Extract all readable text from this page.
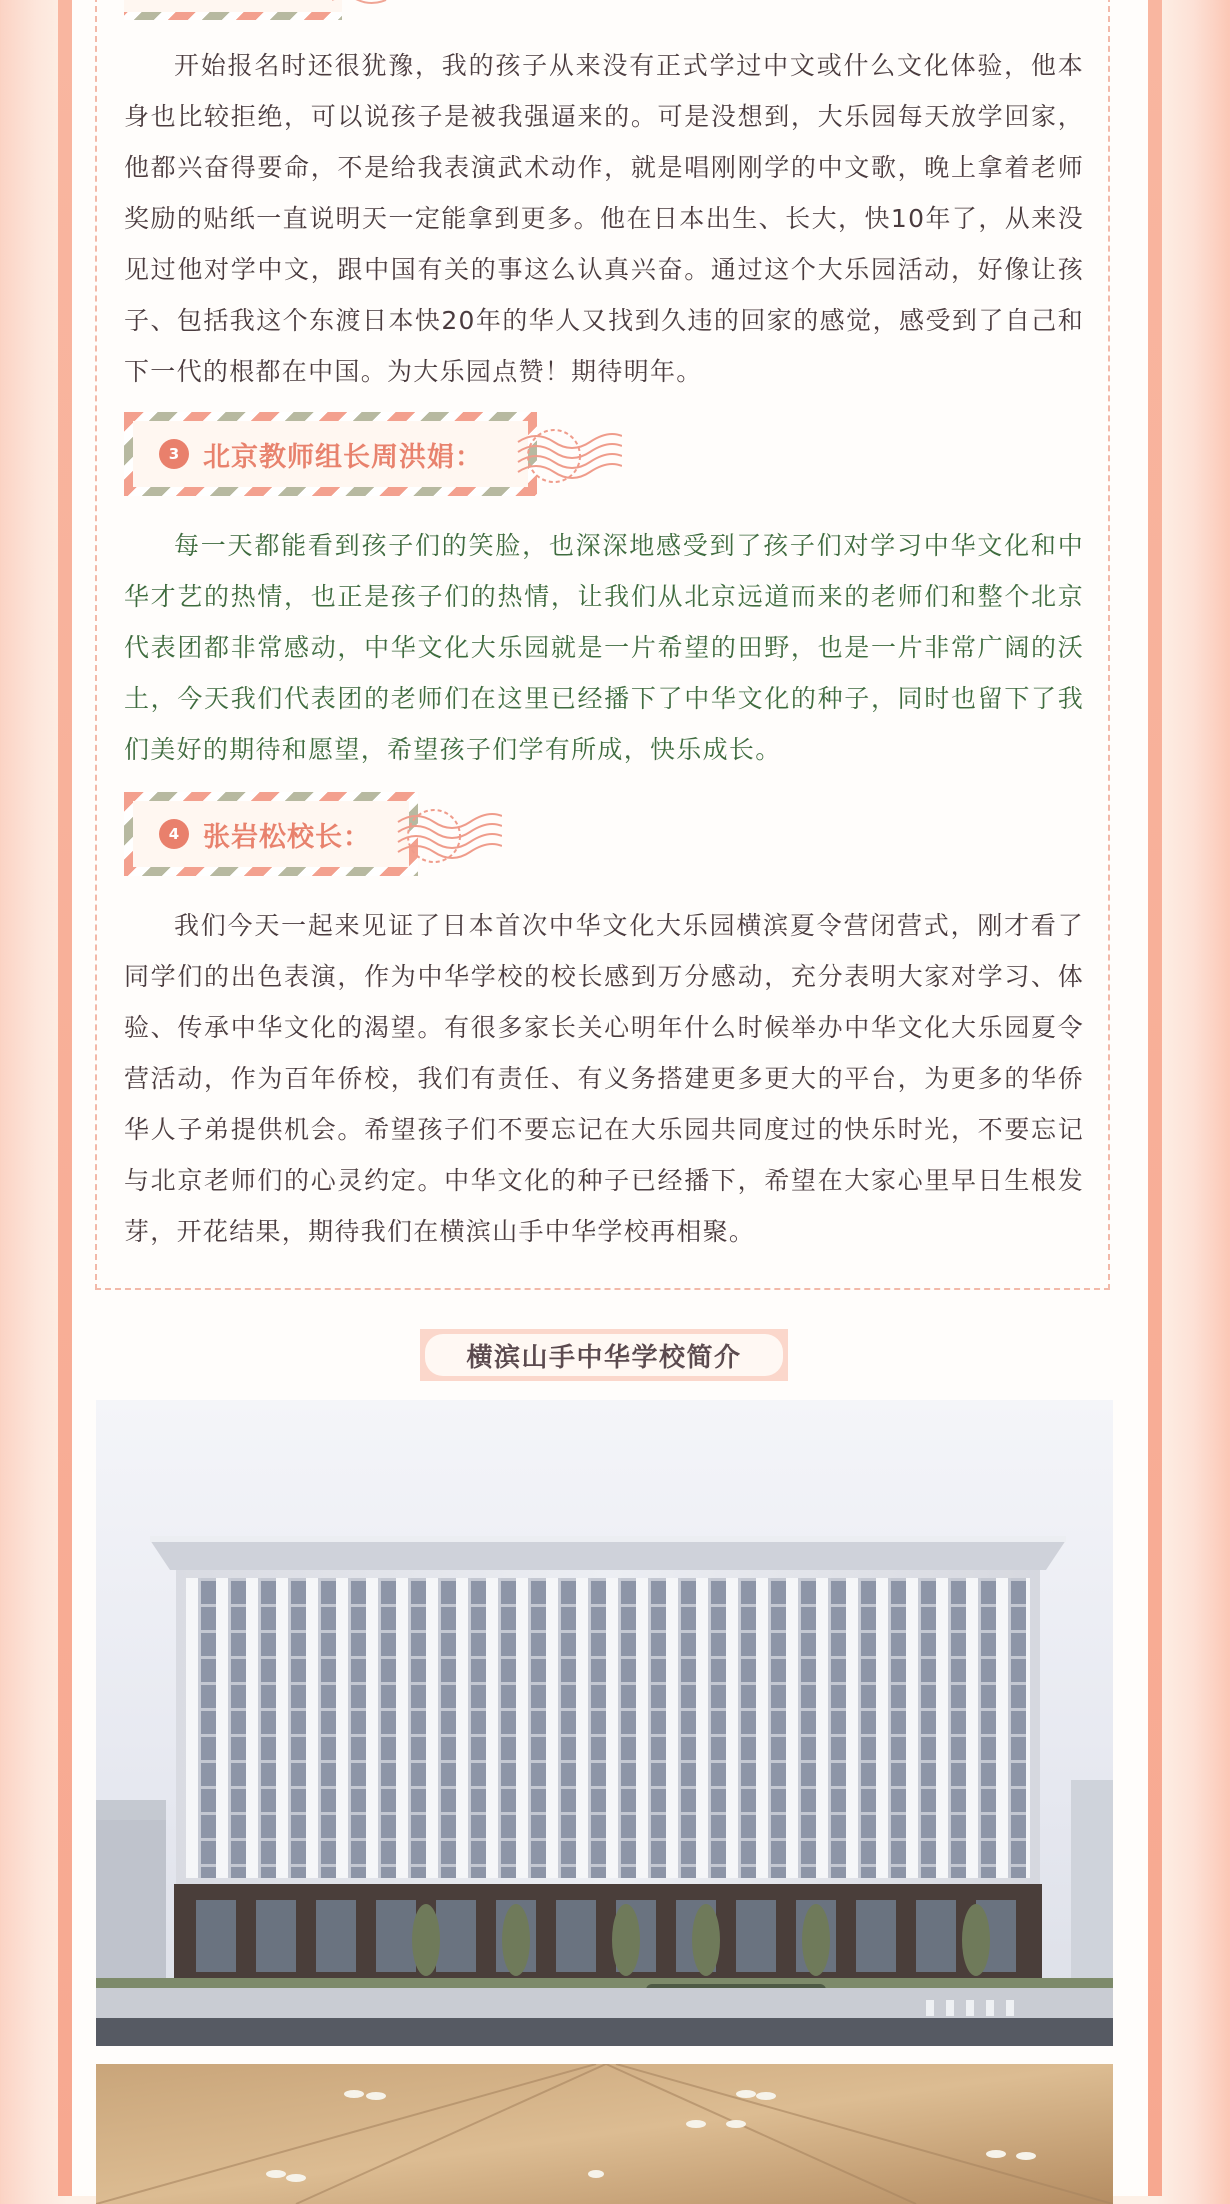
开始报名时还很犹豫，我的孩子从来没有正式学过中文或什么文化体验，他本身也比较拒绝，可以说孩子是被我强逼来的。可是没想到，大乐园每天放学回家，他都兴奋得要命，不是给我表演武术动作，就是唱刚刚学的中文歌，晚上拿着老师奖励的贴纸一直说明天一定能拿到更多。他在日本出生、长大，快10年了，从来没见过他对学中文，跟中国有关的事这么认真兴奋。通过这个大乐园活动，好像让孩子、包括我这个东渡日本快20年的华人又找到久违的回家的感觉，感受到了自己和下一代的根都在中国。为大乐园点赞！期待明年。

3 北京教师组长周洪娟：

每一天都能看到孩子们的笑脸，也深深地感受到了孩子们对学习中华文化和中华才艺的热情，也正是孩子们的热情，让我们从北京远道而来的老师们和整个北京代表团都非常感动，中华文化大乐园就是一片希望的田野，也是一片非常广阔的沃土，今天我们代表团的老师们在这里已经播下了中华文化的种子，同时也留下了我们美好的期待和愿望，希望孩子们学有所成，快乐成长。

4 张岩松校长：

我们今天一起来见证了日本首次中华文化大乐园横滨夏令营闭营式，刚才看了同学们的出色表演，作为中华学校的校长感到万分感动，充分表明大家对学习、体验、传承中华文化的渴望。有很多家长关心明年什么时候举办中华文化大乐园夏令营活动，作为百年侨校，我们有责任、有义务搭建更多更大的平台，为更多的华侨华人子弟提供机会。希望孩子们不要忘记在大乐园共同度过的快乐时光，不要忘记与北京老师们的心灵约定。中华文化的种子已经播下，希望在大家心里早日生根发芽，开花结果，期待我们在横滨山手中华学校再相聚。

横滨山手中华学校简介
